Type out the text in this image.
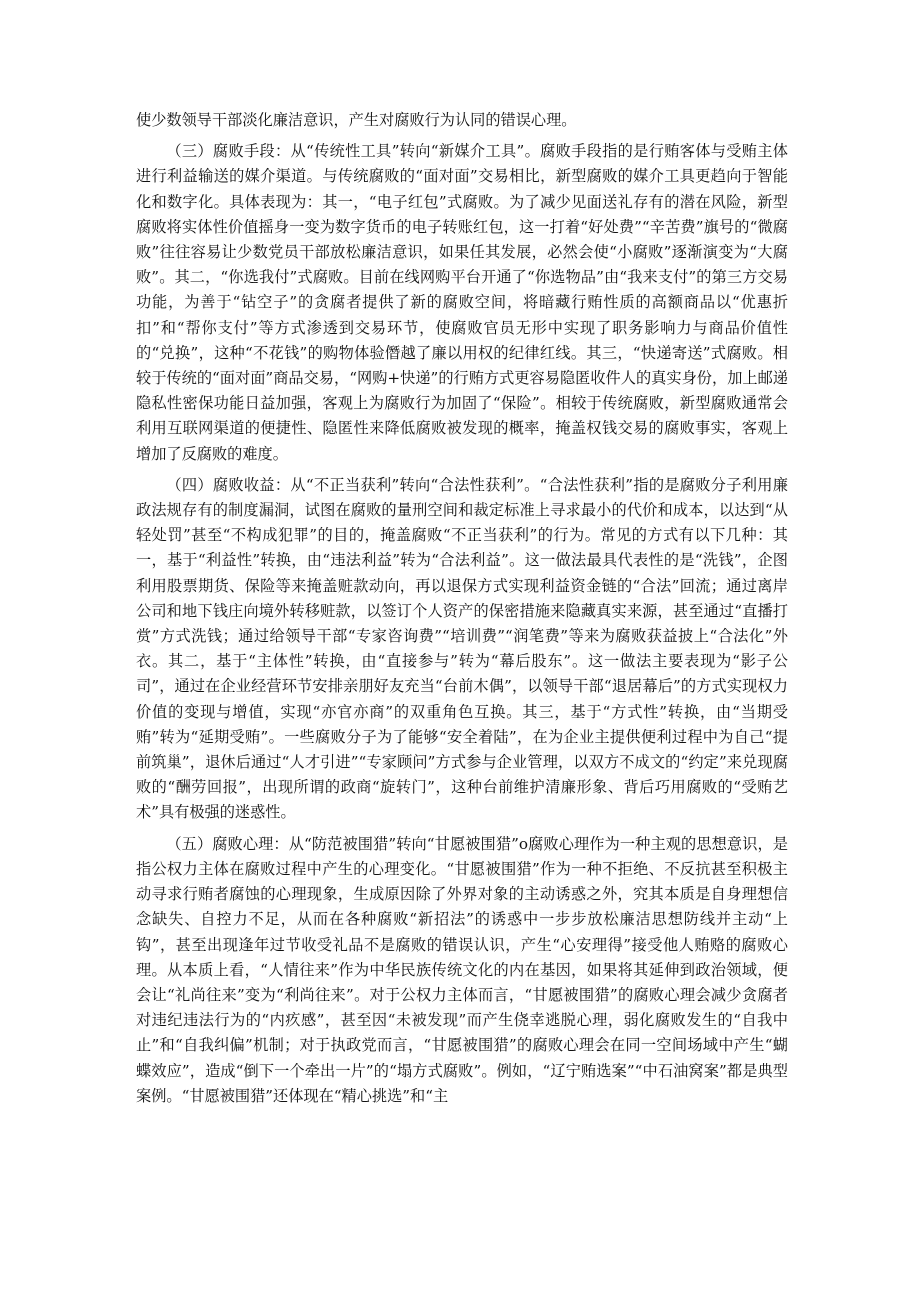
使少数领导干部淡化廉洁意识，产生对腐败行为认同的错误心理。

（三）腐败手段：从“传统性工具”转向“新媒介工具”。腐败手段指的是行贿客体与受贿主体进行利益输送的媒介渠道。与传统腐败的“面对面”交易相比，新型腐败的媒介工具更趋向于智能化和数字化。具体表现为：其一，“电子红包”式腐败。为了减少见面送礼存有的潜在风险，新型腐败将实体性价值摇身一变为数字货币的电子转账红包，这一打着“好处费”“辛苦费”旗号的“微腐败”往往容易让少数党员干部放松廉洁意识，如果任其发展，必然会使“小腐败”逐渐演变为“大腐败”。其二，“你选我付”式腐败。目前在线网购平台开通了“你选物品”由“我来支付”的第三方交易功能，为善于“钻空子”的贪腐者提供了新的腐败空间，将暗藏行贿性质的高额商品以“优惠折扣”和“帮你支付”等方式渗透到交易环节，使腐败官员无形中实现了职务影响力与商品价值性的“兑换”，这种“不花钱”的购物体验僭越了廉以用权的纪律红线。其三，“快递寄送”式腐败。相较于传统的“面对面”商品交易，“网购+快递”的行贿方式更容易隐匿收件人的真实身份，加上邮递隐私性密保功能日益加强，客观上为腐败行为加固了“保险”。相较于传统腐败，新型腐败通常会利用互联网渠道的便捷性、隐匿性来降低腐败被发现的概率，掩盖权钱交易的腐败事实，客观上增加了反腐败的难度。

（四）腐败收益：从“不正当获利”转向“合法性获利”。“合法性获利”指的是腐败分子利用廉政法规存有的制度漏洞，试图在腐败的量刑空间和裁定标准上寻求最小的代价和成本，以达到“从轻处罚”甚至“不构成犯罪”的目的，掩盖腐败“不正当获利”的行为。常见的方式有以下几种：其一，基于“利益性”转换，由“违法利益”转为“合法利益”。这一做法最具代表性的是“洗钱”，企图利用股票期货、保险等来掩盖赃款动向，再以退保方式实现利益资金链的“合法”回流；通过离岸公司和地下钱庄向境外转移赃款，以签订个人资产的保密措施来隐藏真实来源，甚至通过“直播打赏”方式洗钱；通过给领导干部“专家咨询费”“培训费”“润笔费”等来为腐败获益披上“合法化”外衣。其二，基于“主体性”转换，由“直接参与”转为“幕后股东”。这一做法主要表现为“影子公司”，通过在企业经营环节安排亲朋好友充当“台前木偶”，以领导干部“退居幕后”的方式实现权力价值的变现与增值，实现“亦官亦商”的双重角色互换。其三，基于“方式性”转换，由“当期受贿”转为“延期受贿”。一些腐败分子为了能够“安全着陆”，在为企业主提供便利过程中为自己“提前筑巢”，退休后通过“人才引进”“专家顾问”方式参与企业管理，以双方不成文的“约定”来兑现腐败的“酬劳回报”，出现所谓的政商“旋转门”，这种台前维护清廉形象、背后巧用腐败的“受贿艺术”具有极强的迷惑性。

（五）腐败心理：从“防范被围猎”转向“甘愿被围猎”o腐败心理作为一种主观的思想意识，是指公权力主体在腐败过程中产生的心理变化。“甘愿被围猎”作为一种不拒绝、不反抗甚至积极主动寻求行贿者腐蚀的心理现象，生成原因除了外界对象的主动诱惑之外，究其本质是自身理想信念缺失、自控力不足，从而在各种腐败“新招法”的诱惑中一步步放松廉洁思想防线并主动“上钩”，甚至出现逢年过节收受礼品不是腐败的错误认识，产生“心安理得”接受他人贿赂的腐败心理。从本质上看，“人情往来”作为中华民族传统文化的内在基因，如果将其延伸到政治领域，便会让“礼尚往来”变为“利尚往来”。对于公权力主体而言，“甘愿被围猎”的腐败心理会减少贪腐者对违纪违法行为的“内疚感”，甚至因“未被发现”而产生侥幸逃脱心理，弱化腐败发生的“自我中止”和“自我纠偏”机制；对于执政党而言，“甘愿被围猎”的腐败心理会在同一空间场域中产生“蝴蝶效应”，造成“倒下一个牵出一片”的“塌方式腐败”。例如，“辽宁贿选案”“中石油窝案”都是典型案例。“甘愿被围猎”还体现在“精心挑选”和“主
